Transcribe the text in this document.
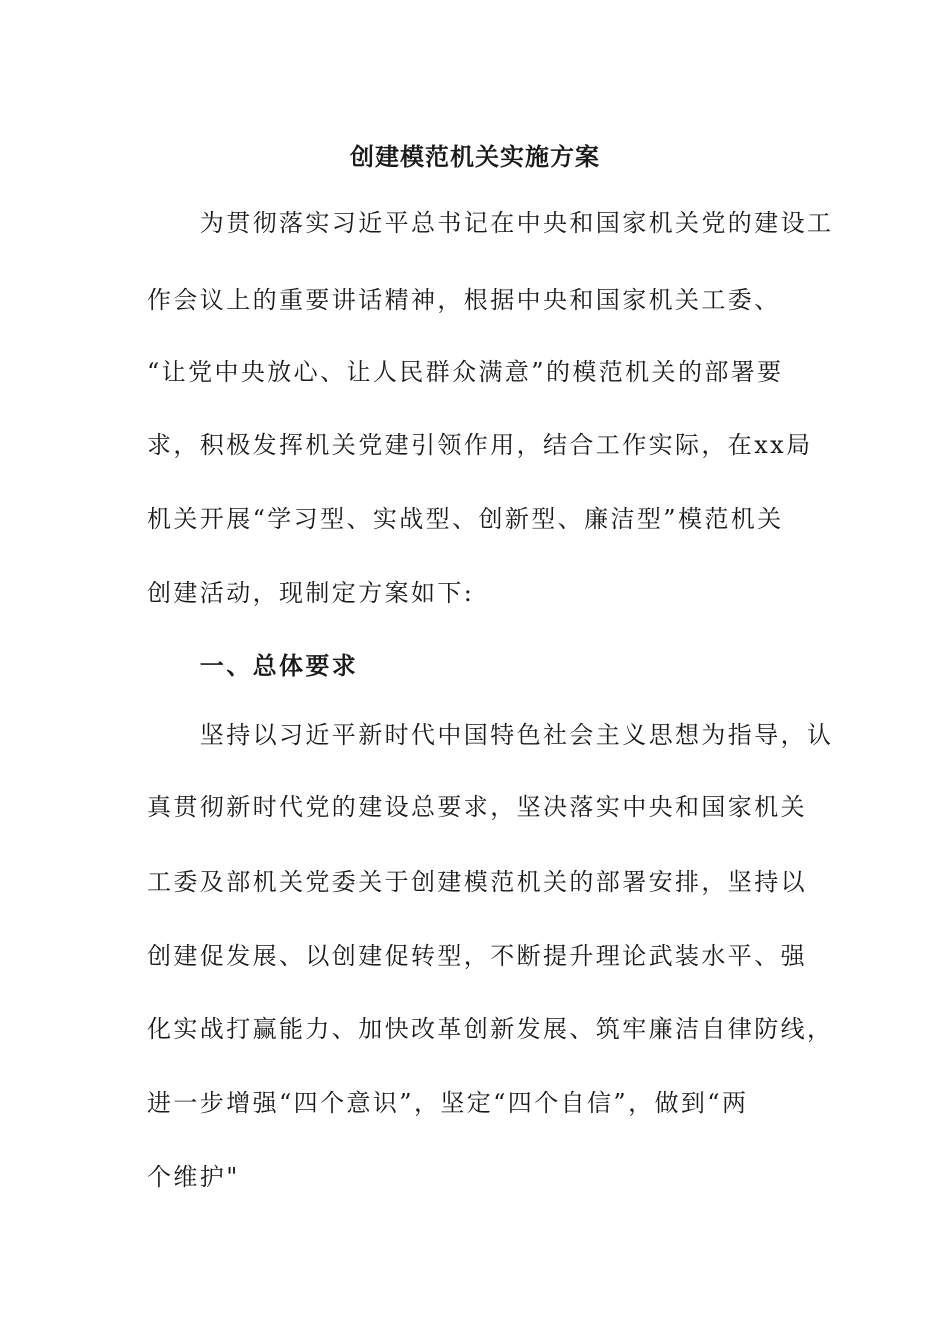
创建模范机关实施方案

　　为贯彻落实习近平总书记在中央和国家机关党的建设工

作会议上的重要讲话精神，根据中央和国家机关工委、

“让党中央放心、让人民群众满意”的模范机关的部署要

求，积极发挥机关党建引领作用，结合工作实际，在xx局

机关开展“学习型、实战型、创新型、廉洁型”模范机关

创建活动，现制定方案如下:

　　一、总体要求

　　坚持以习近平新时代中国特色社会主义思想为指导，认

真贯彻新时代党的建设总要求，坚决落实中央和国家机关

工委及部机关党委关于创建模范机关的部署安排，坚持以

创建促发展、以创建促转型，不断提升理论武装水平、强

化实战打赢能力、加快改革创新发展、筑牢廉洁自律防线，

进一步增强“四个意识”，坚定“四个自信”，做到“两

个维护"
